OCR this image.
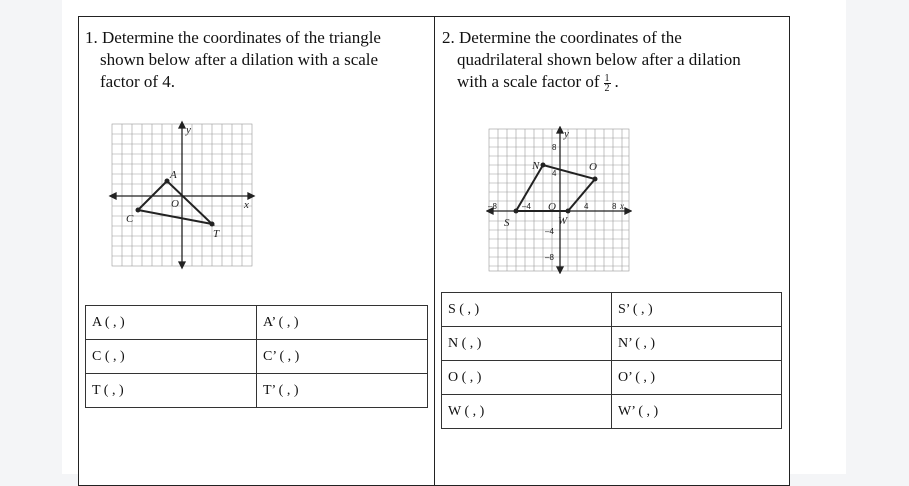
1. Determine the coordinates of the triangle
shown below after a dilation with a scale
factor of 4.
2. Determine the coordinates of the
quadrilateral shown below after a dilation
with a scale factor of $\frac{1}{2}$ .
y
x
O
A
C
T
y
x
O
S
N	O
W
8
4
–8	–4	4	8
–4
–8
A ( , )	A’ ( , )
C ( , )	C’ ( , )
T ( , )	T’ ( , )
S ( , )	S’ ( , )
N ( , )	N’ ( , )
O ( , )	O’ ( , )
W ( , )	W’ ( , )
